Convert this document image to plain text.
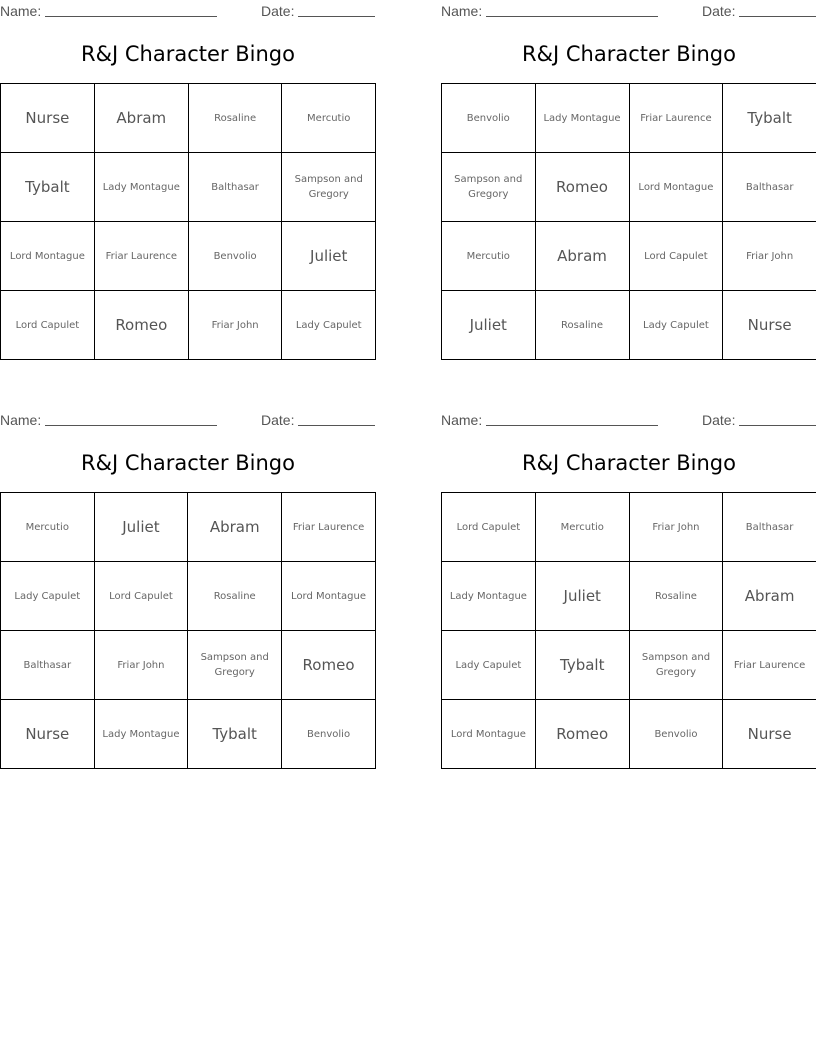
Name:	Date:
R&J Character Bingo
Nurse	Abram	Rosaline	Mercutio
Tybalt	Lady Montague	Balthasar	Sampson and Gregory
Lord Montague	Friar Laurence	Benvolio	Juliet
Lord Capulet	Romeo	Friar John	Lady Capulet
Name:	Date:
R&J Character Bingo
Benvolio	Lady Montague	Friar Laurence	Tybalt
Sampson and Gregory	Romeo	Lord Montague	Balthasar
Mercutio	Abram	Lord Capulet	Friar John
Juliet	Rosaline	Lady Capulet	Nurse
Name:	Date:
R&J Character Bingo
Mercutio	Juliet	Abram	Friar Laurence
Lady Capulet	Lord Capulet	Rosaline	Lord Montague
Balthasar	Friar John	Sampson and Gregory	Romeo
Nurse	Lady Montague	Tybalt	Benvolio
Name:	Date:
R&J Character Bingo
Lord Capulet	Mercutio	Friar John	Balthasar
Lady Montague	Juliet	Rosaline	Abram
Lady Capulet	Tybalt	Sampson and Gregory	Friar Laurence
Lord Montague	Romeo	Benvolio	Nurse
